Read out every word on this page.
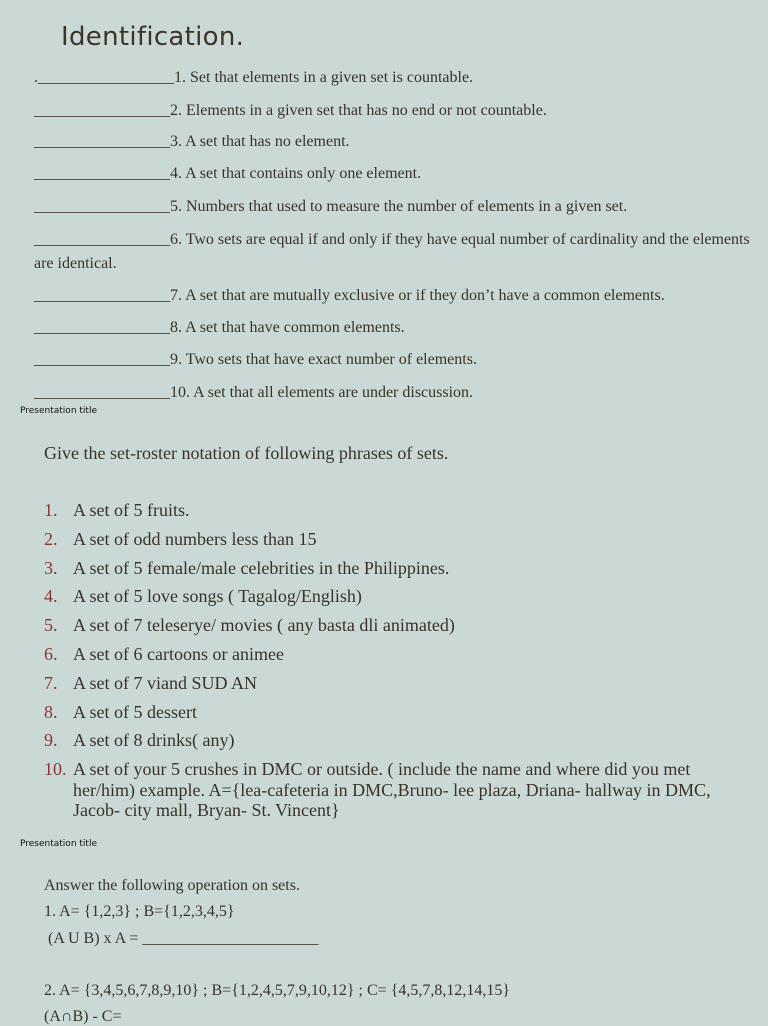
Identification.
._________________1. Set that elements in a given set is countable.
_________________2. Elements in a given set that has no end or not countable.
_________________3. A set that has no element.
_________________4. A set that contains only one element.
_________________5. Numbers that used to measure the number of elements in a given set.
_________________6. Two sets are equal if and only if they have equal number of cardinality and the elements are identical.
_________________7. A set that are mutually exclusive or if they don’t have a common elements.
_________________8. A set that have common elements.
_________________9. Two sets that have exact number of elements.
_________________10. A set that all elements are under discussion.
Presentation title
Give the set-roster notation of following phrases of sets.
1. A set of 5 fruits.
2. A set of odd numbers less than 15
3. A set of 5 female/male celebrities in the Philippines.
4. A set of 5 love songs ( Tagalog/English)
5. A set of 7 teleserye/ movies ( any basta dli animated)
6. A set of 6 cartoons or animee
7. A set of 7 viand SUD AN
8. A set of 5 dessert
9. A set of 8 drinks( any)
10. A set of your 5 crushes in DMC or outside. ( include the name and where did you met her/him) example. A={lea-cafeteria in DMC,Bruno- lee plaza, Driana- hallway in DMC, Jacob- city mall, Bryan- St. Vincent}
Presentation title
Answer the following operation on sets.
1. A= {1,2,3} ; B={1,2,3,4,5}
(A U B) x A = ______________________
2. A= {3,4,5,6,7,8,9,10} ; B={1,2,4,5,7,9,10,12} ; C= {4,5,7,8,12,14,15}
(A∩B) - C=
